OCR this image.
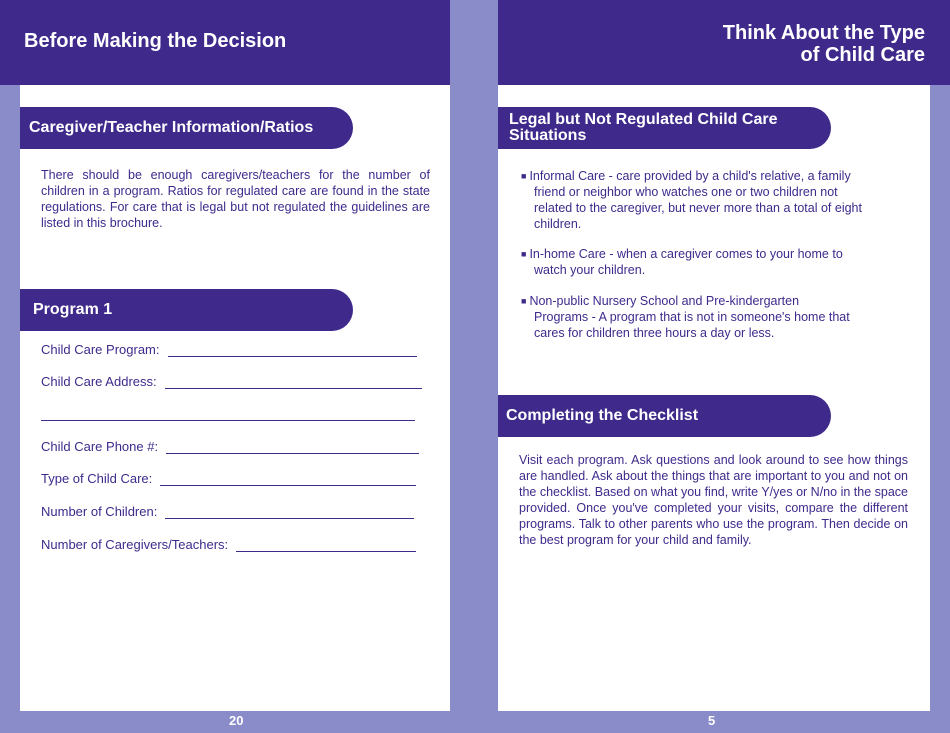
Before Making the Decision	Think About the Type
of Child Care
Caregiver/Teacher Information/Ratios
There should be enough caregivers/teachers for the number of children in a program. Ratios for regulated care are found in the state regulations. For care that is legal but not regulated the guidelines are listed in this brochure.
Program 1
Child Care Program:
Child Care Address:
Child Care Phone #:
Type of Child Care:
Number of Children:
Number of Caregivers/Teachers:
20
Legal but Not Regulated Child Care Situations
■ Informal Care - care provided by a child's relative, a family
friend or neighbor who watches one or two children not related to the caregiver, but never more than a total of eight children.
■ In-home Care - when a caregiver comes to your home to
watch your children.
■ Non-public Nursery School and Pre-kindergarten
Programs - A program that is not in someone's home that cares for children three hours a day or less.
Completing the Checklist
Visit each program. Ask questions and look around to see how things are handled. Ask about the things that are important to you and not on the checklist. Based on what you find, write Y/yes or N/no in the space provided. Once you've completed your visits, compare the different programs. Talk to other parents who use the program. Then decide on the best program for your child and family.
5
